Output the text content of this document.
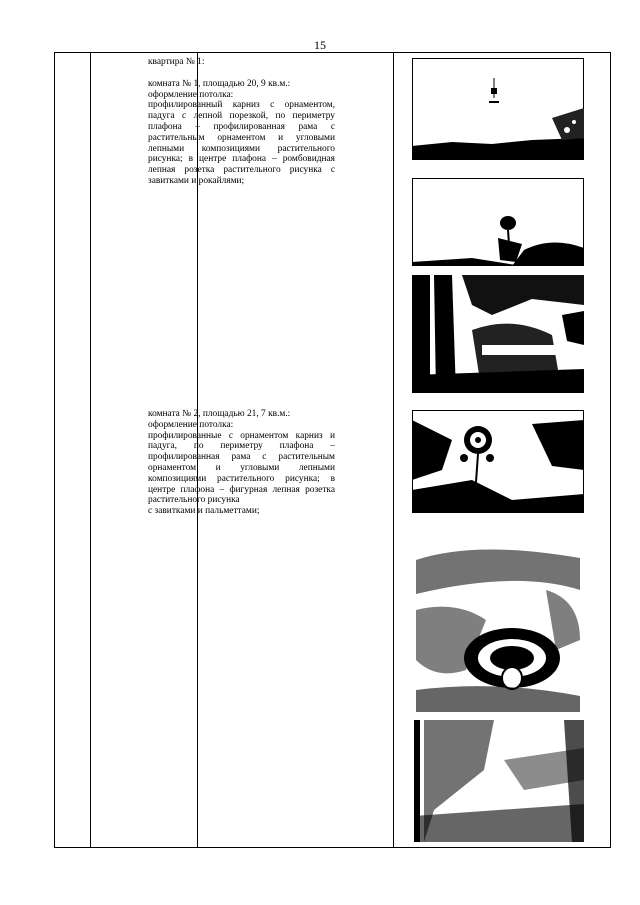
15

квартира № 1:

комната № 1, площадью 20, 9 кв.м.:

оформление потолка:

профилированный карниз с орнаментом, падуга с лепной порезкой, по периметру плафона – профилированная рама с растительным орнаментом и угловыми лепными композициями растительного рисунка; в центре плафона – ромбовидная лепная розетка растительного рисунка с завитками и рокайлями;

комната № 2, площадью 21, 7 кв.м.:

оформление потолка:

профилированные с орнаментом карниз и падуга, по периметру плафона – профилированная рама с растительным орнаментом и угловыми лепными композициями растительного рисунка; в центре плафона – фигурная лепная розетка растительного рисунка

с завитками и пальметтами;
